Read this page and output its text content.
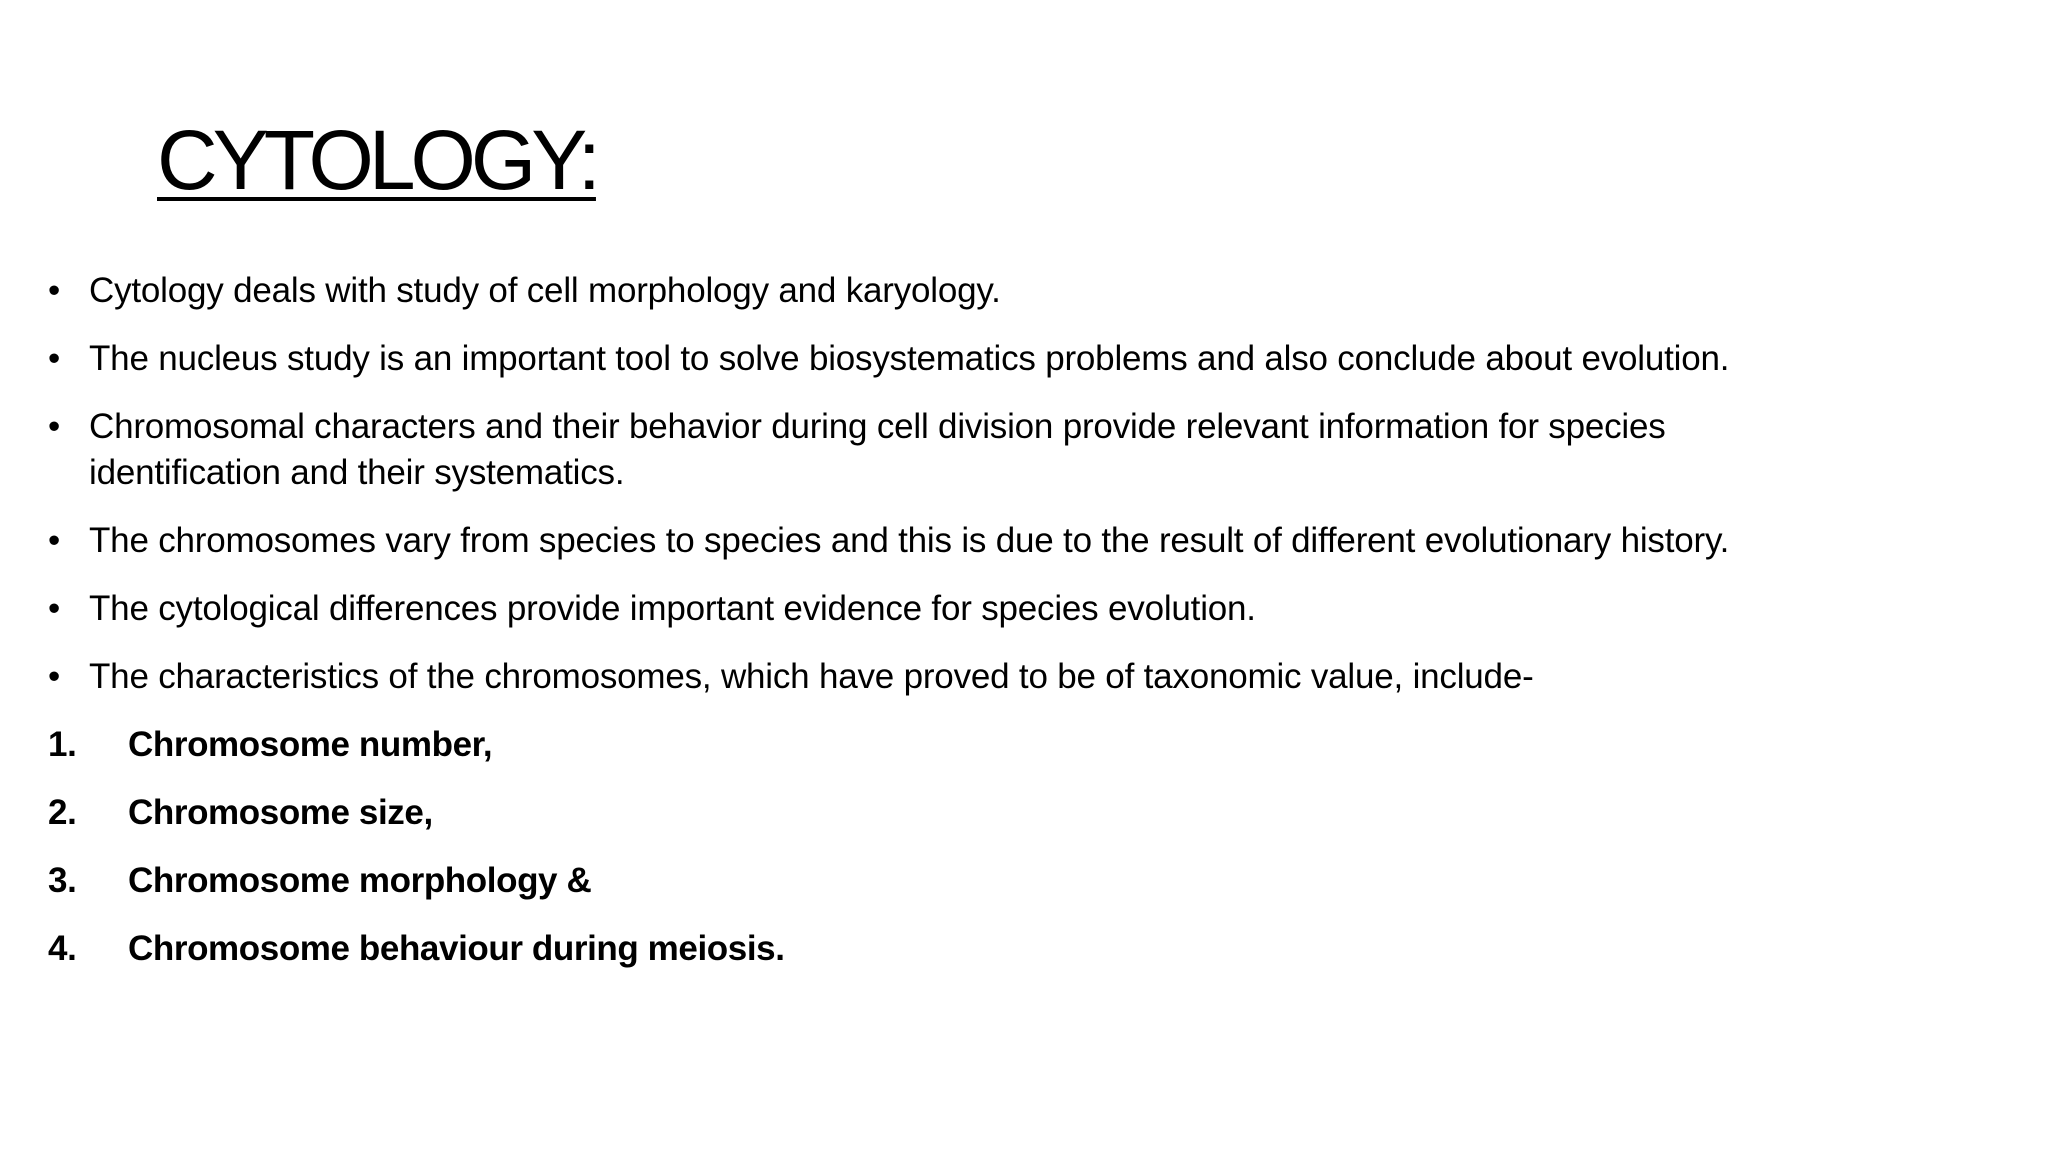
CYTOLOGY:
• Cytology deals with study of cell morphology and karyology.
• The nucleus study is an important tool to solve biosystematics problems and also conclude about evolution.
• Chromosomal characters and their behavior during cell division provide relevant information for species identification and their systematics.
• The chromosomes vary from species to species and this is due to the result of different evolutionary history.
• The cytological differences provide important evidence for species evolution.
• The characteristics of the chromosomes, which have proved to be of taxonomic value, include-
1.	Chromosome number,
2.	Chromosome size,
3.	Chromosome morphology &
4.	Chromosome behaviour during meiosis.
